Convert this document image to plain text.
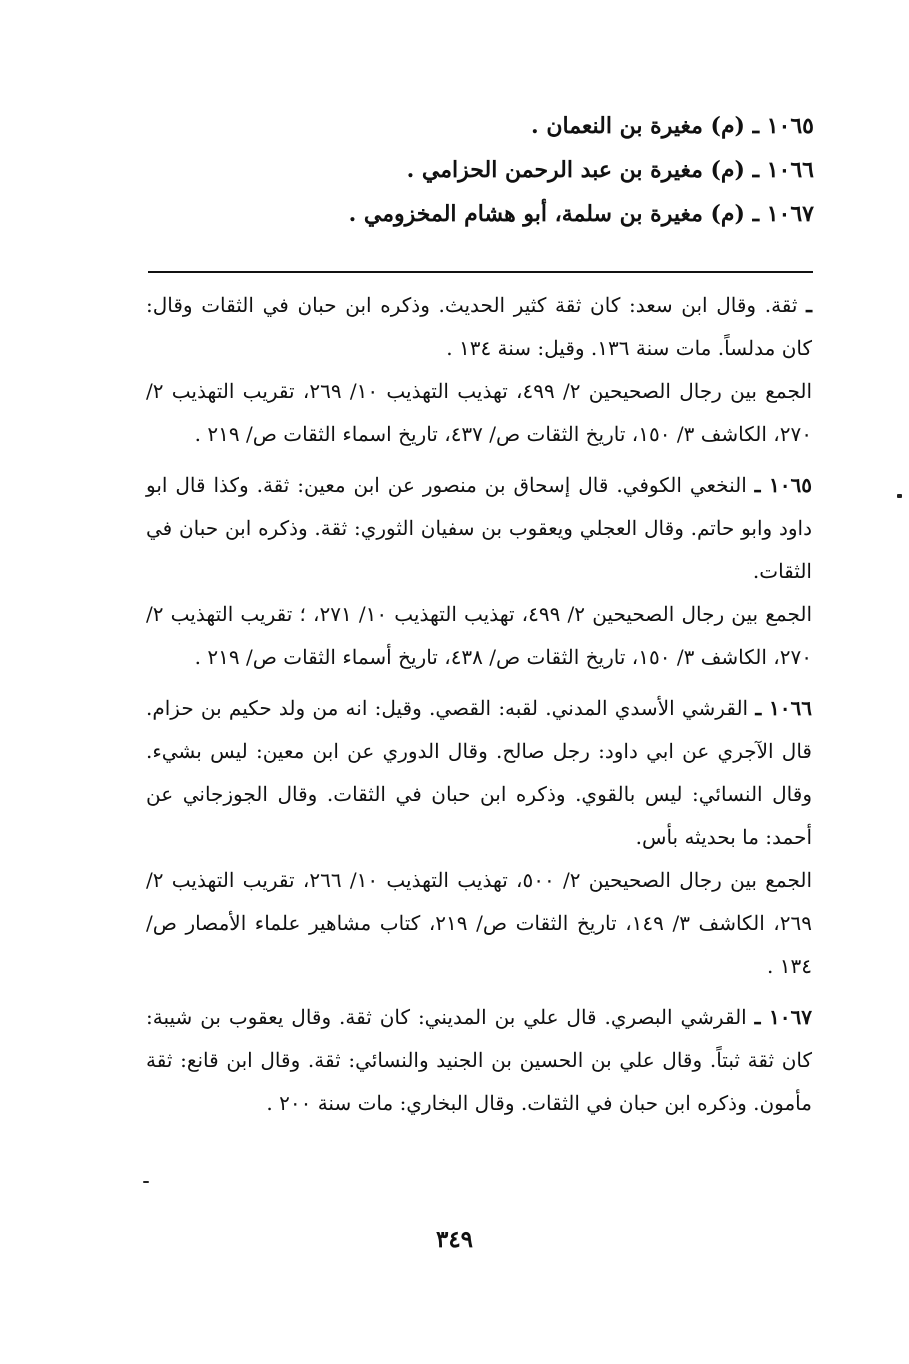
١٠٦٥ ـ (م) مغيرة بن النعمان .
١٠٦٦ ـ (م) مغيرة بن عبد الرحمن الحزامي .
١٠٦٧ ـ (م) مغيرة بن سلمة، أبو هشام المخزومي .

ـ ثقة. وقال ابن سعد: كان ثقة كثير الحديث. وذكره ابن حبان في الثقات وقال: كان مدلساً. مات سنة ١٣٦. وقيل: سنة ١٣٤ .

الجمع بين رجال الصحيحين ٢/ ٤٩٩، تهذيب التهذيب ١٠/ ٢٦٩، تقريب التهذيب ٢/ ٢٧٠، الكاشف ٣/ ١٥٠، تاريخ الثقات ص/ ٤٣٧، تاريخ اسماء الثقات ص/ ٢١٩ .

١٠٦٥ ـ النخعي الكوفي. قال إسحاق بن منصور عن ابن معين: ثقة. وكذا قال ابو داود وابو حاتم. وقال العجلي ويعقوب بن سفيان الثوري: ثقة. وذكره ابن حبان في الثقات.

الجمع بين رجال الصحيحين ٢/ ٤٩٩، تهذيب التهذيب ١٠/ ٢٧١، ؛ تقريب التهذيب ٢/ ٢٧٠، الكاشف ٣/ ١٥٠، تاريخ الثقات ص/ ٤٣٨، تاريخ أسماء الثقات ص/ ٢١٩ .

١٠٦٦ ـ القرشي الأسدي المدني. لقبه: القصي. وقيل: انه من ولد حكيم بن حزام. قال الآجري عن ابي داود: رجل صالح. وقال الدوري عن ابن معين: ليس بشيء. وقال النسائي: ليس بالقوي. وذكره ابن حبان في الثقات. وقال الجوزجاني عن أحمد: ما بحديثه بأس.

الجمع بين رجال الصحيحين ٢/ ٥٠٠، تهذيب التهذيب ١٠/ ٢٦٦، تقريب التهذيب ٢/ ٢٦٩، الكاشف ٣/ ١٤٩، تاريخ الثقات ص/ ٢١٩، كتاب مشاهير علماء الأمصار ص/ ١٣٤ .

١٠٦٧ ـ القرشي البصري. قال علي بن المديني: كان ثقة. وقال يعقوب بن شيبة: كان ثقة ثبتاً. وقال علي بن الحسين بن الجنيد والنسائي: ثقة. وقال ابن قانع: ثقة مأمون. وذكره ابن حبان في الثقات. وقال البخاري: مات سنة ٢٠٠ .

٣٤٩
